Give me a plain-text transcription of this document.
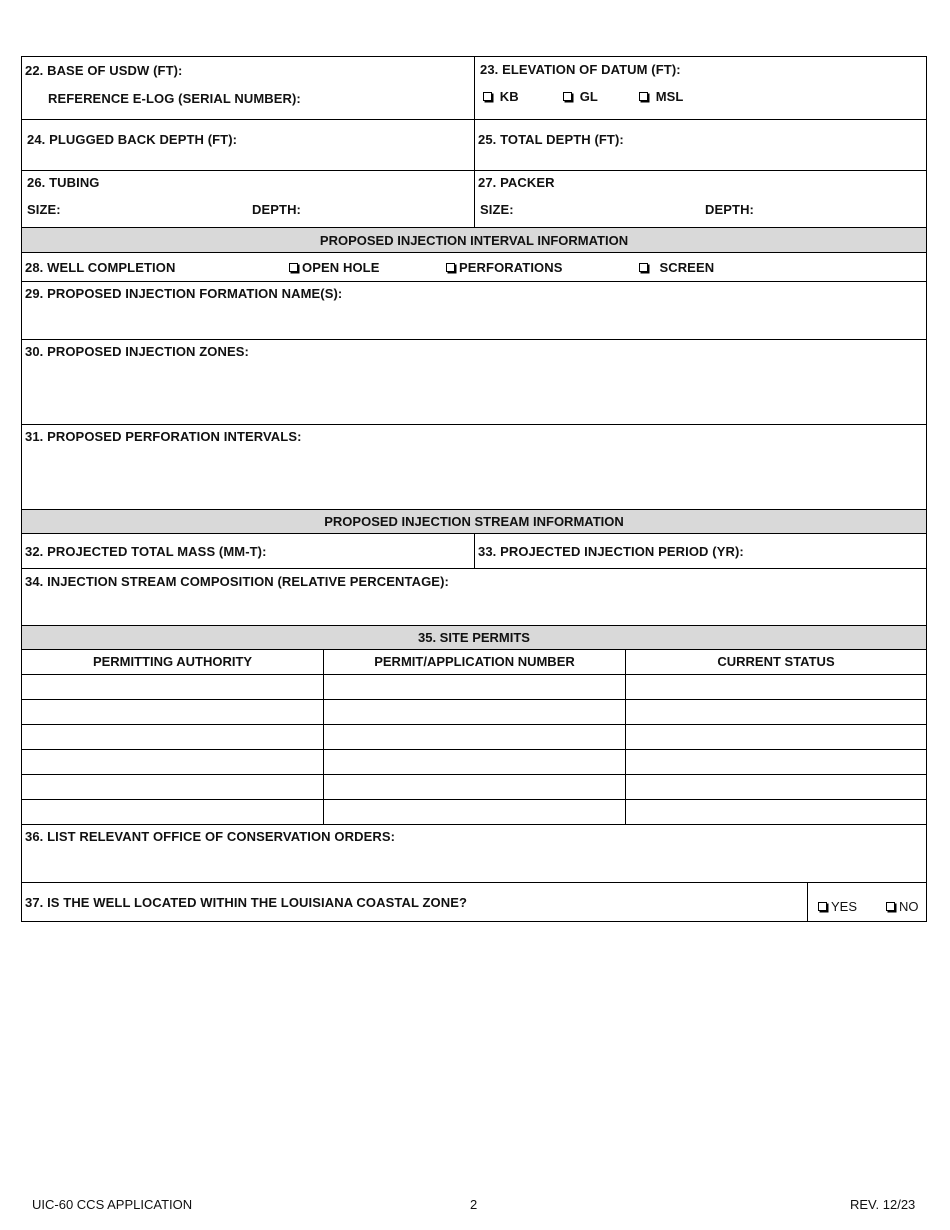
22. BASE OF USDW (FT):
REFERENCE E-LOG (SERIAL NUMBER):
23. ELEVATION OF DATUM (FT):
KB	GL	MSL
24. PLUGGED BACK DEPTH (FT):	25. TOTAL DEPTH (FT):
26. TUBING
SIZE:	DEPTH:
27. PACKER
SIZE:	DEPTH:
PROPOSED INJECTION INTERVAL INFORMATION
28. WELL COMPLETION	OPEN HOLE	PERFORATIONS	SCREEN
29. PROPOSED INJECTION FORMATION NAME(S):
30. PROPOSED INJECTION ZONES:
31. PROPOSED PERFORATION INTERVALS:
PROPOSED INJECTION STREAM INFORMATION
32. PROJECTED TOTAL MASS (MM-T):	33. PROJECTED INJECTION PERIOD (YR):
34. INJECTION STREAM COMPOSITION (RELATIVE PERCENTAGE):
35. SITE PERMITS
PERMITTING AUTHORITY	PERMIT/APPLICATION NUMBER	CURRENT STATUS
36. LIST RELEVANT OFFICE OF CONSERVATION ORDERS:
37. IS THE WELL LOCATED WITHIN THE LOUISIANA COASTAL ZONE?	YES	NO
UIC-60 CCS APPLICATION	2	REV. 12/23
